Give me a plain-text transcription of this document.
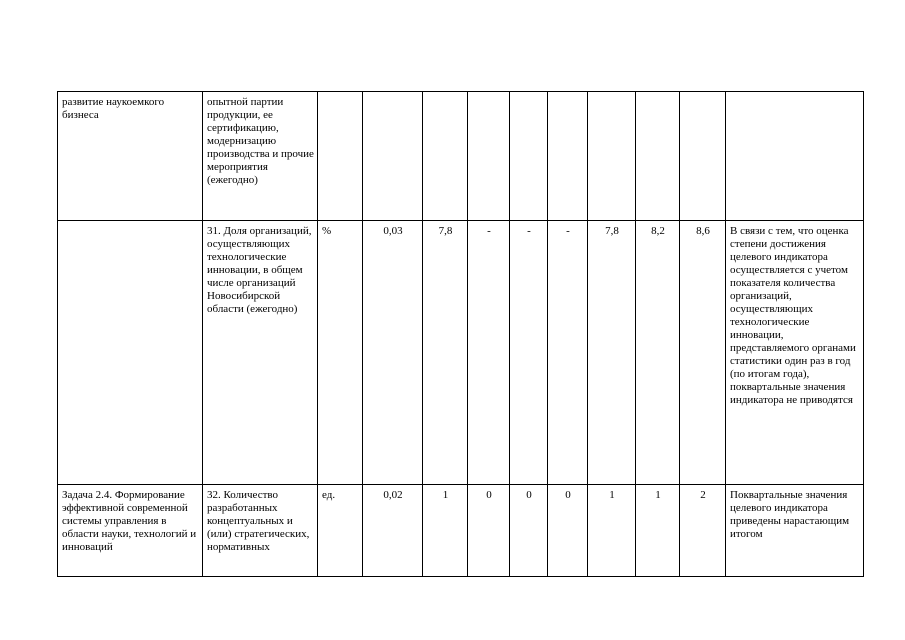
развитие наукоемкого бизнеса	опытной партии продукции, ее сертификацию, модернизацию производства и прочие мероприятия (ежегодно)										
	31. Доля организаций, осуществляющих технологические инновации, в общем числе организаций Новосибирской области (ежегодно)	%	0,03	7,8	-	-	-	7,8	8,2	8,6	В связи с тем, что оценка степени достижения целевого индикатора осуществляется с учетом показателя количества организаций, осуществляющих технологические инновации, представляемого органами статистики один раз в год (по итогам года), поквартальные значения индикатора не приводятся
Задача 2.4. Формирование эффективной современной системы управления в области науки, технологий и инноваций	32. Количество разработанных концептуальных и (или) стратегических, нормативных	ед.	0,02	1	0	0	0	1	1	2	Поквартальные значения целевого индикатора приведены нарастающим итогом
